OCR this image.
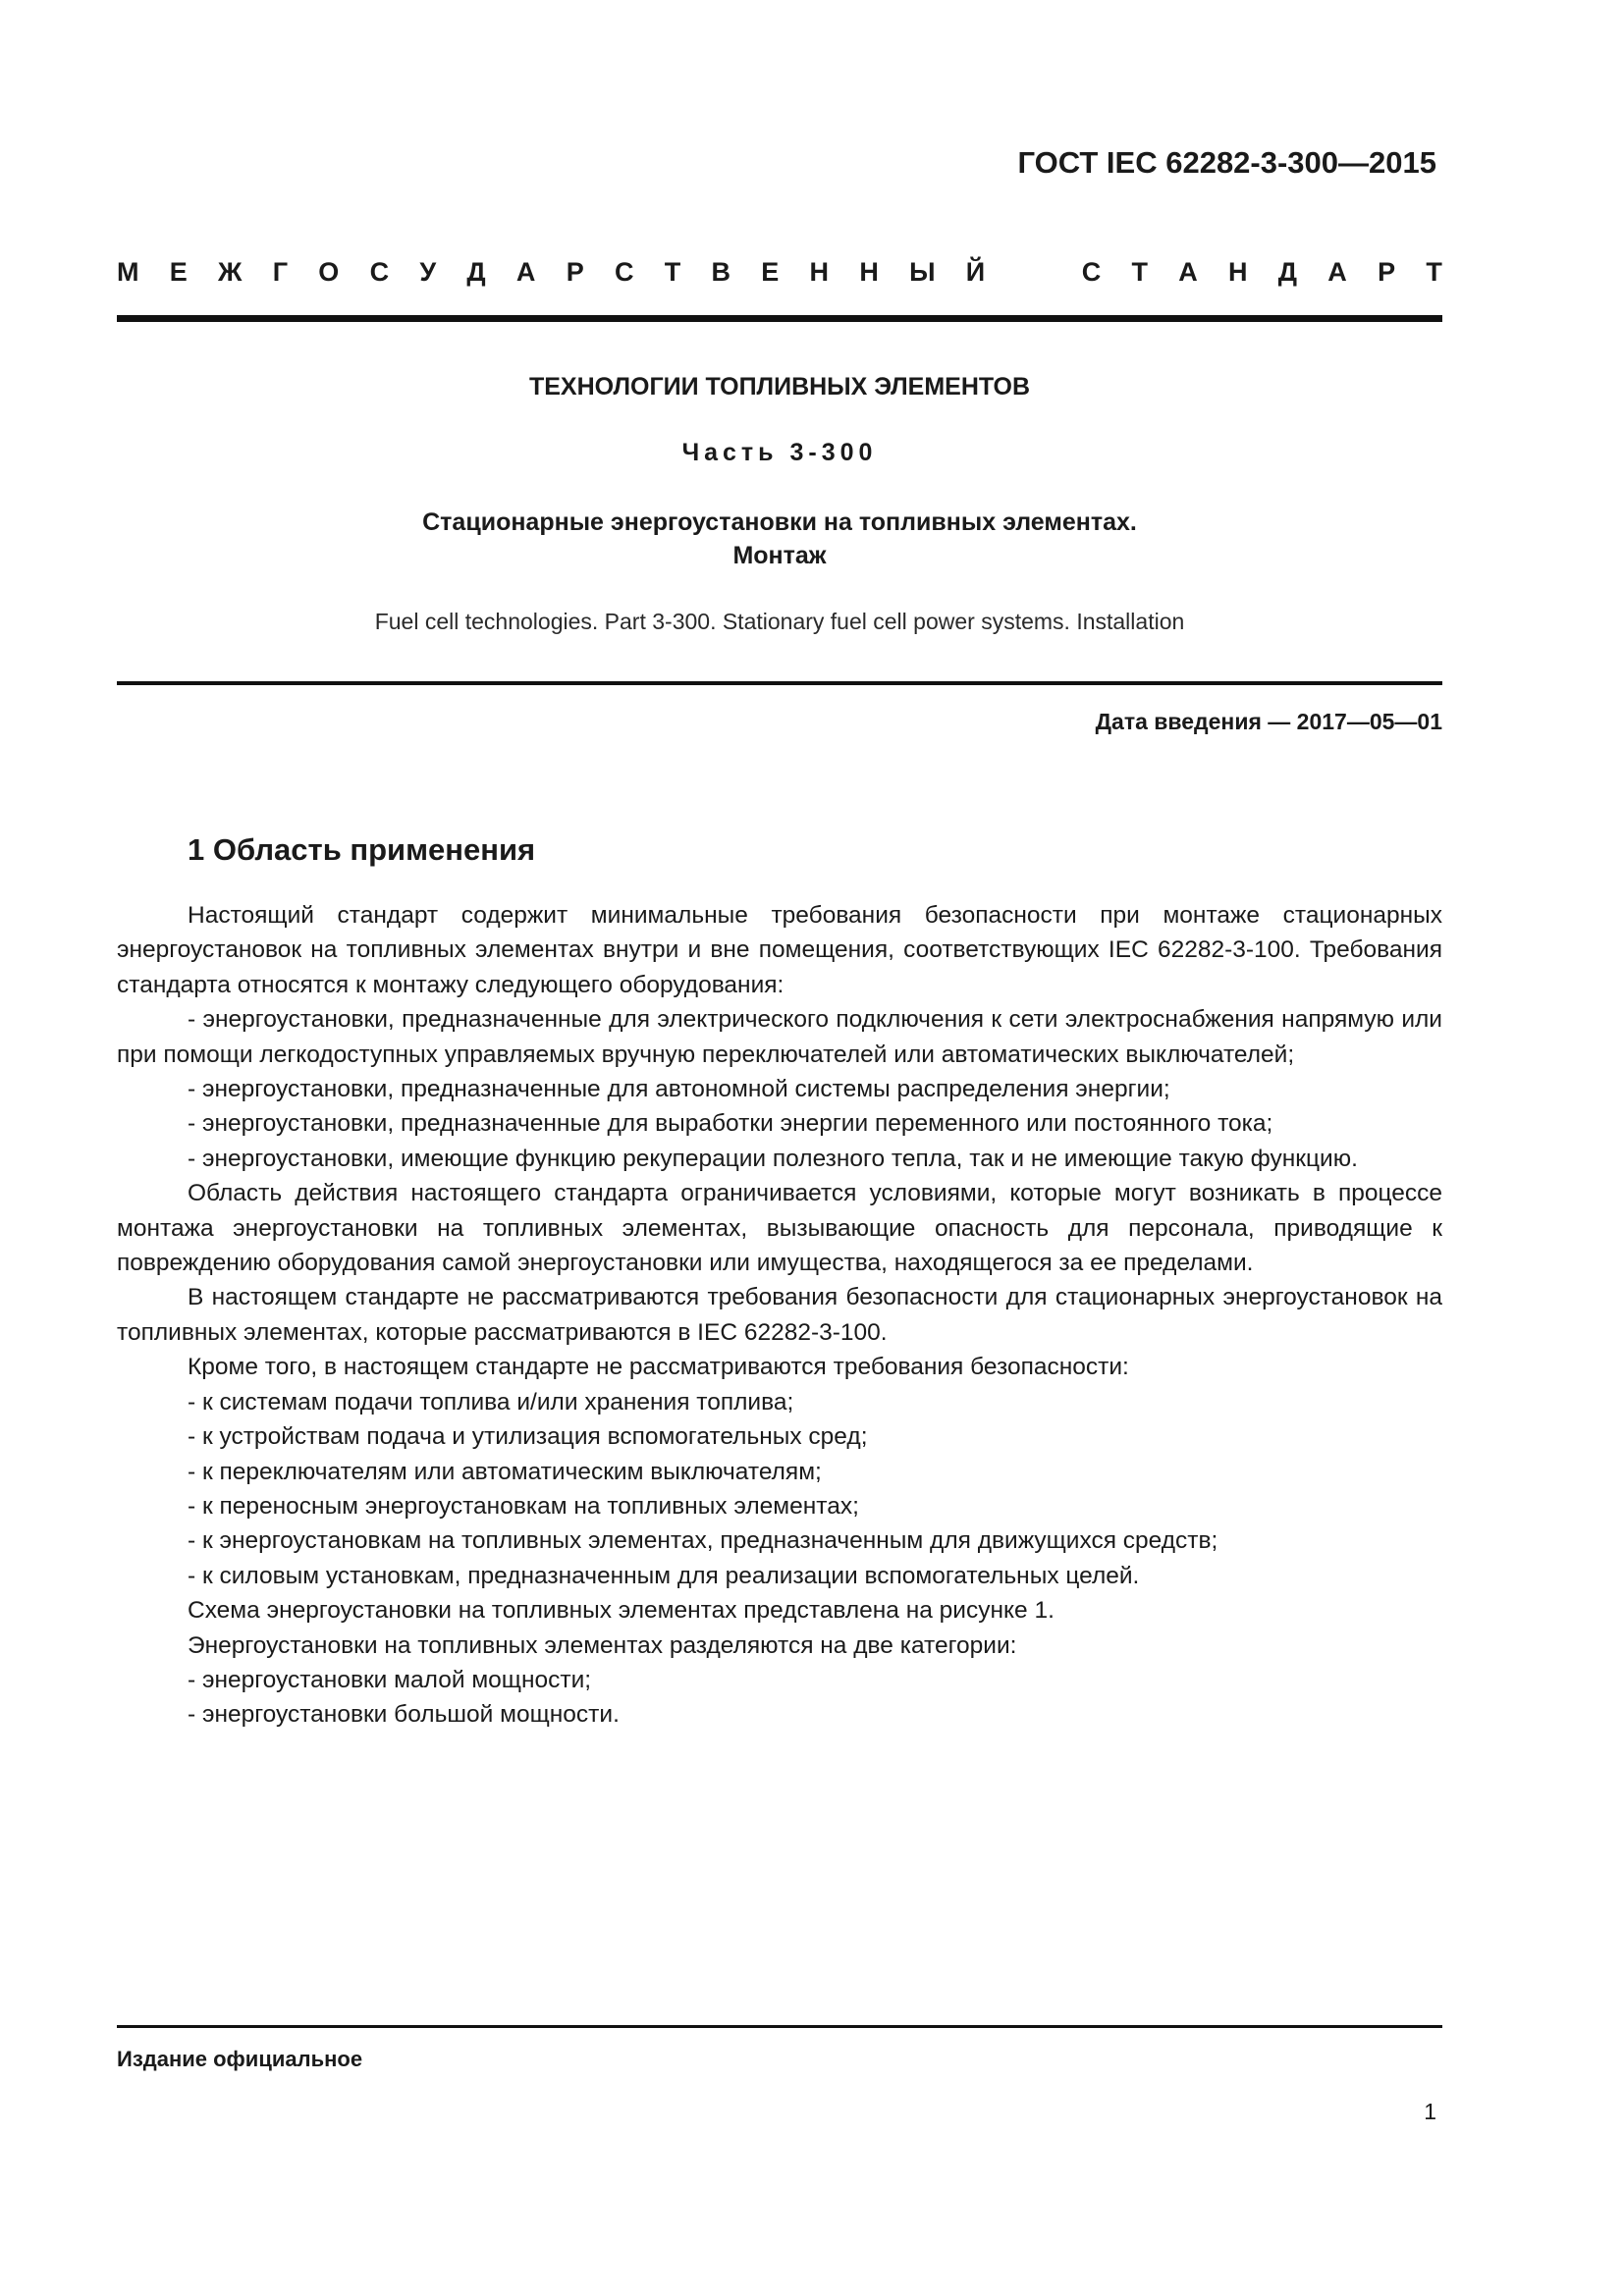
ГОСТ IEC 62282-3-300—2015
М Е Ж Г О С У Д А Р С Т В Е Н Н Ы Й	С Т А Н Д А Р Т
ТЕХНОЛОГИИ ТОПЛИВНЫХ ЭЛЕМЕНТОВ
Часть 3-300
Стационарные энергоустановки на топливных элементах.
Монтаж
Fuel cell technologies. Part 3-300. Stationary fuel cell power systems. Installation
Дата введения — 2017—05—01
1 Область применения

Настоящий стандарт содержит минимальные требования безопасности при монтаже стационарных энергоустановок на топливных элементах внутри и вне помещения, соответствующих IEC 62282-3-100. Требования стандарта относятся к монтажу следующего оборудования:

- энергоустановки, предназначенные для электрического подключения к сети электроснабжения напрямую или при помощи легкодоступных управляемых вручную переключателей или автоматических выключателей;

- энергоустановки, предназначенные для автономной системы распределения энергии;

- энергоустановки, предназначенные для выработки энергии переменного или постоянного тока;

- энергоустановки, имеющие функцию рекуперации полезного тепла, так и не имеющие такую функцию.

Область действия настоящего стандарта ограничивается условиями, которые могут возникать в процессе монтажа энергоустановки на топливных элементах, вызывающие опасность для персонала, приводящие к повреждению оборудования самой энергоустановки или имущества, находящегося за ее пределами.

В настоящем стандарте не рассматриваются требования безопасности для стационарных энергоустановок на топливных элементах, которые рассматриваются в IEC 62282-3-100.

Кроме того, в настоящем стандарте не рассматриваются требования безопасности:

- к системам подачи топлива и/или хранения топлива;

- к устройствам подача и утилизация вспомогательных сред;

- к переключателям или автоматическим выключателям;

- к переносным энергоустановкам на топливных элементах;

- к энергоустановкам на топливных элементах, предназначенным для движущихся средств;

- к силовым установкам, предназначенным для реализации вспомогательных целей.

Схема энергоустановки на топливных элементах представлена на рисунке 1.

Энергоустановки на топливных элементах разделяются на две категории:

- энергоустановки малой мощности;

- энергоустановки большой мощности.

Издание официальное
1
